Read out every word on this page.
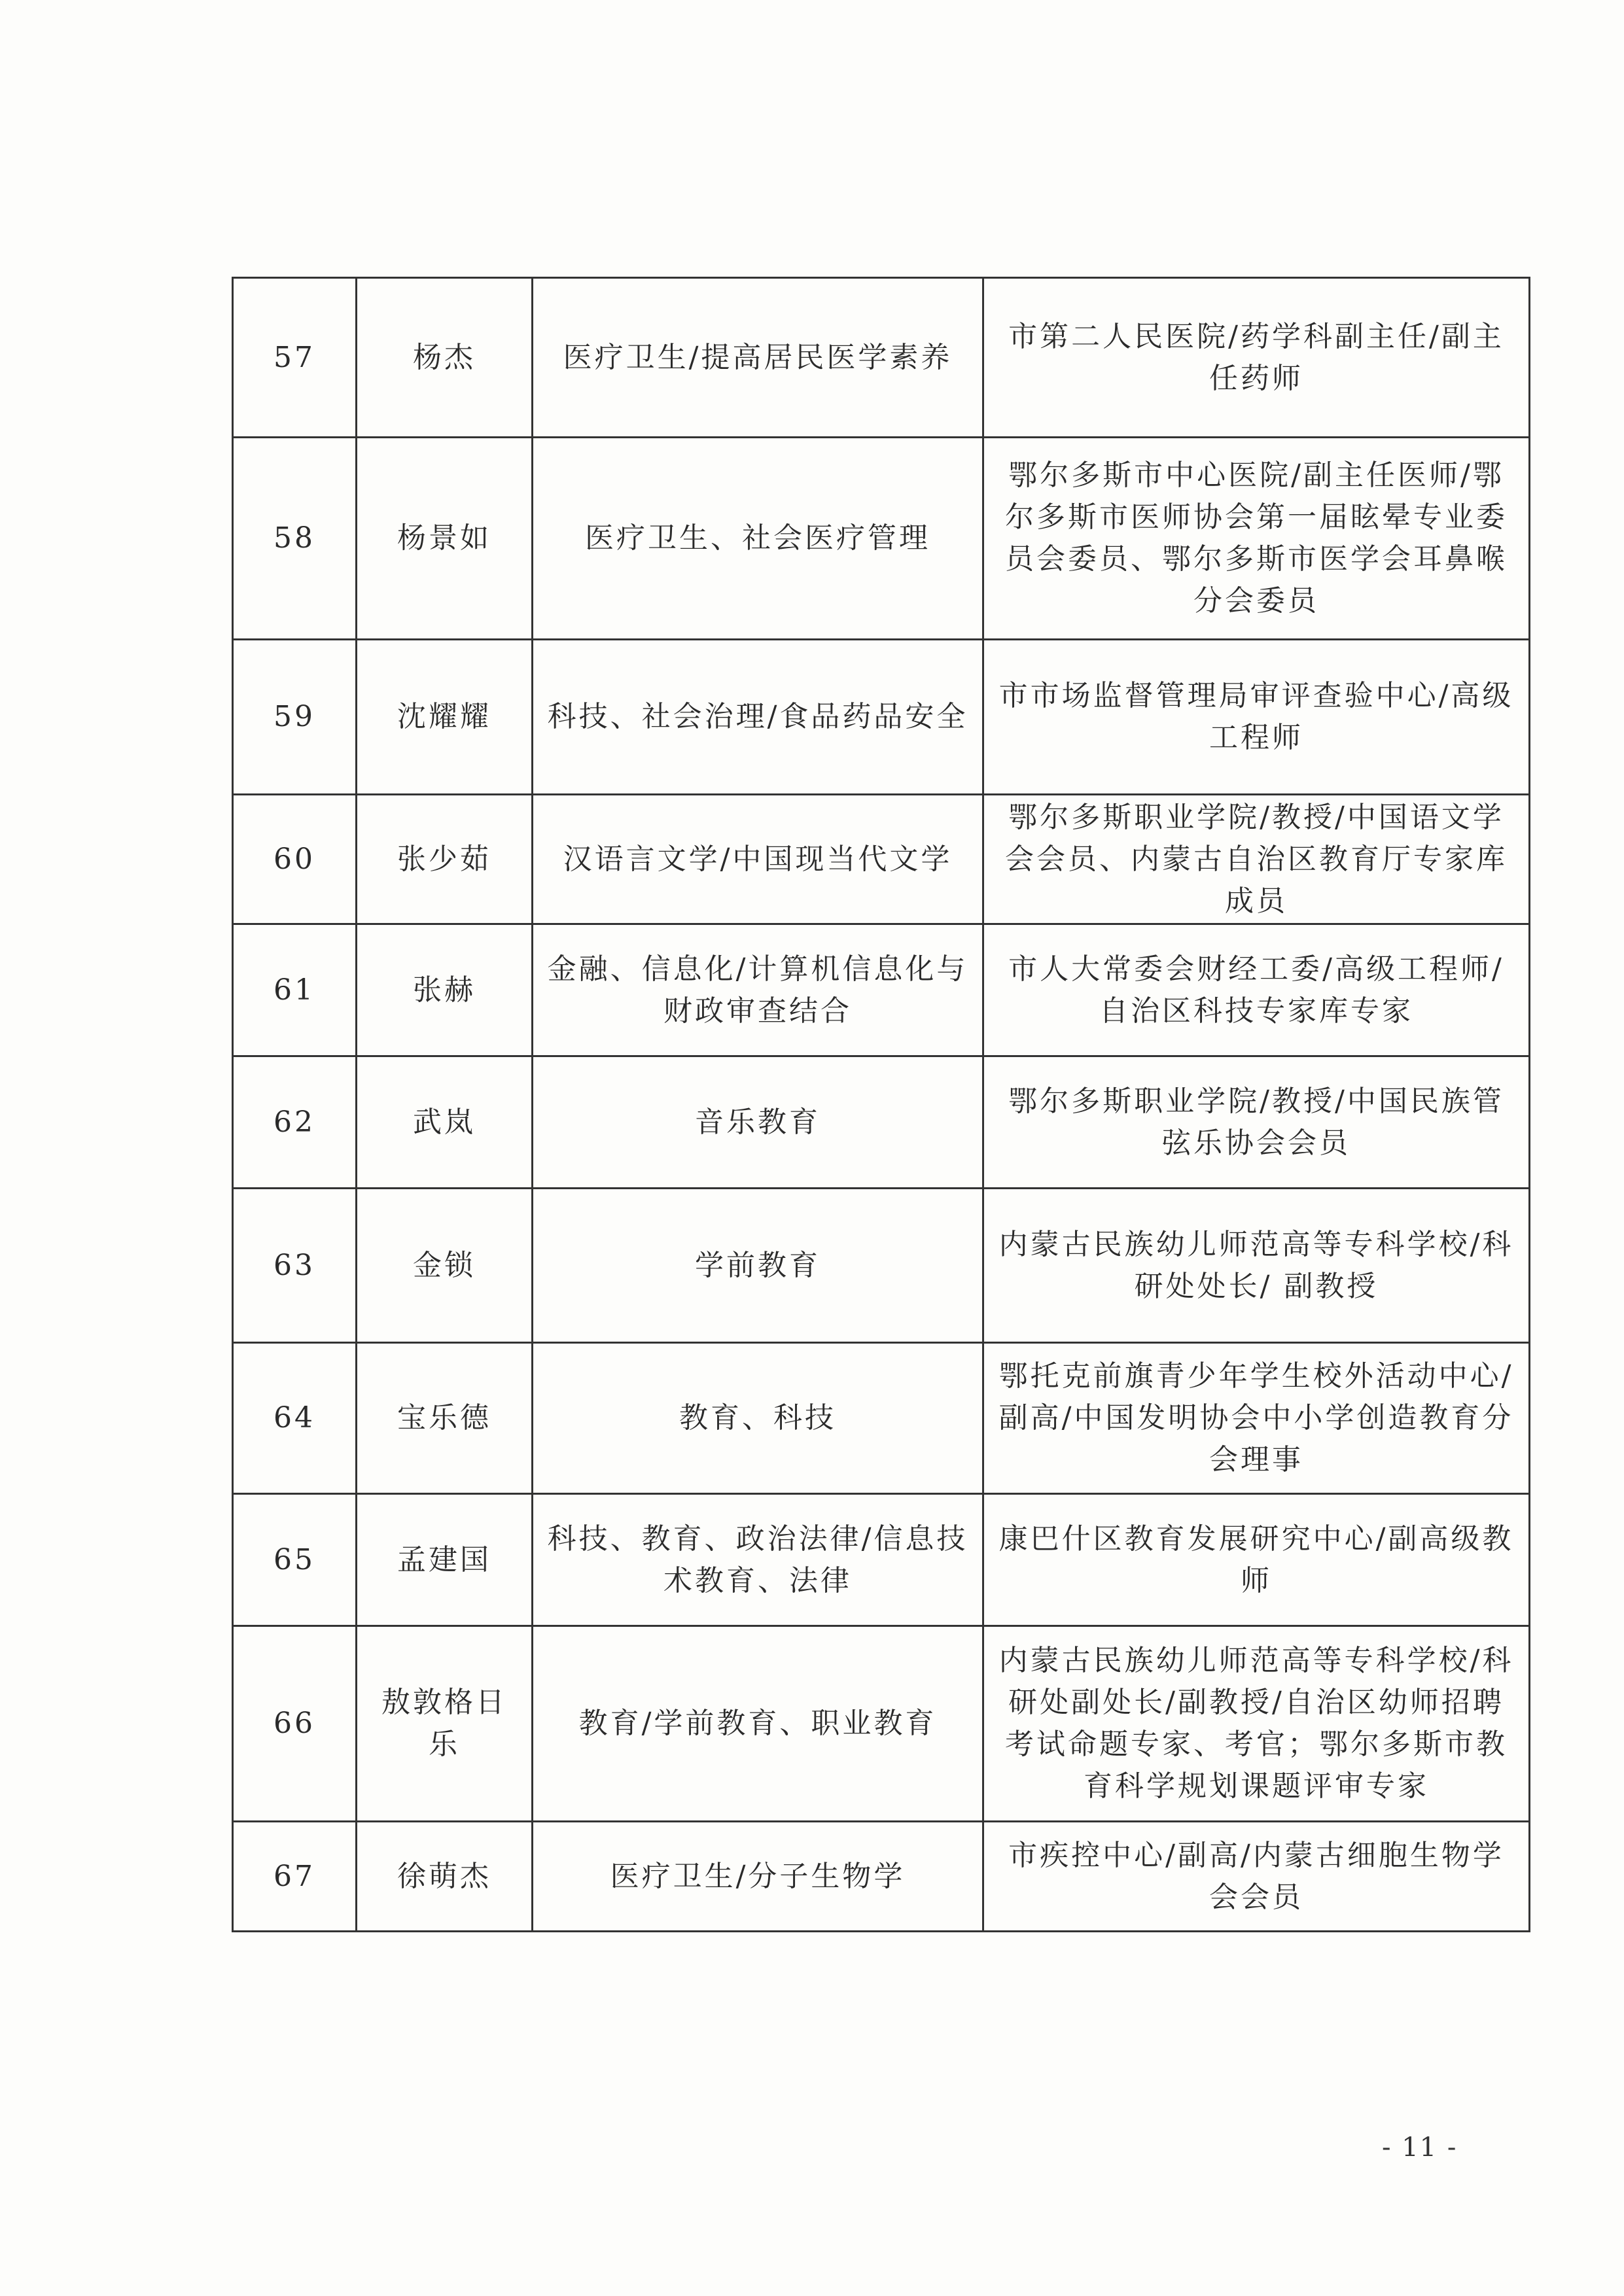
57	杨杰	医疗卫生/提高居民医学素养	市第二人民医院/药学科副主任/副主任药师
58	杨景如	医疗卫生、社会医疗管理	鄂尔多斯市中心医院/副主任医师/鄂尔多斯市医师协会第一届眩晕专业委员会委员、鄂尔多斯市医学会耳鼻喉分会委员
59	沈耀耀	科技、社会治理/食品药品安全	市市场监督管理局审评查验中心/高级工程师
60	张少茹	汉语言文学/中国现当代文学	鄂尔多斯职业学院/教授/中国语文学会会员、内蒙古自治区教育厅专家库成员
61	张赫	金融、信息化/计算机信息化与财政审查结合	市人大常委会财经工委/高级工程师/自治区科技专家库专家
62	武岚	音乐教育	鄂尔多斯职业学院/教授/中国民族管弦乐协会会员
63	金锁	学前教育	内蒙古民族幼儿师范高等专科学校/科研处处长/ 副教授
64	宝乐德	教育、科技	鄂托克前旗青少年学生校外活动中心/副高/中国发明协会中小学创造教育分会理事
65	孟建国	科技、教育、政治法律/信息技术教育、法律	康巴什区教育发展研究中心/副高级教师
66	敖敦格日乐	教育/学前教育、职业教育	内蒙古民族幼儿师范高等专科学校/科研处副处长/副教授/自治区幼师招聘考试命题专家、考官；鄂尔多斯市教育科学规划课题评审专家
67	徐萌杰	医疗卫生/分子生物学	市疾控中心/副高/内蒙古细胞生物学会会员
- 11 -
